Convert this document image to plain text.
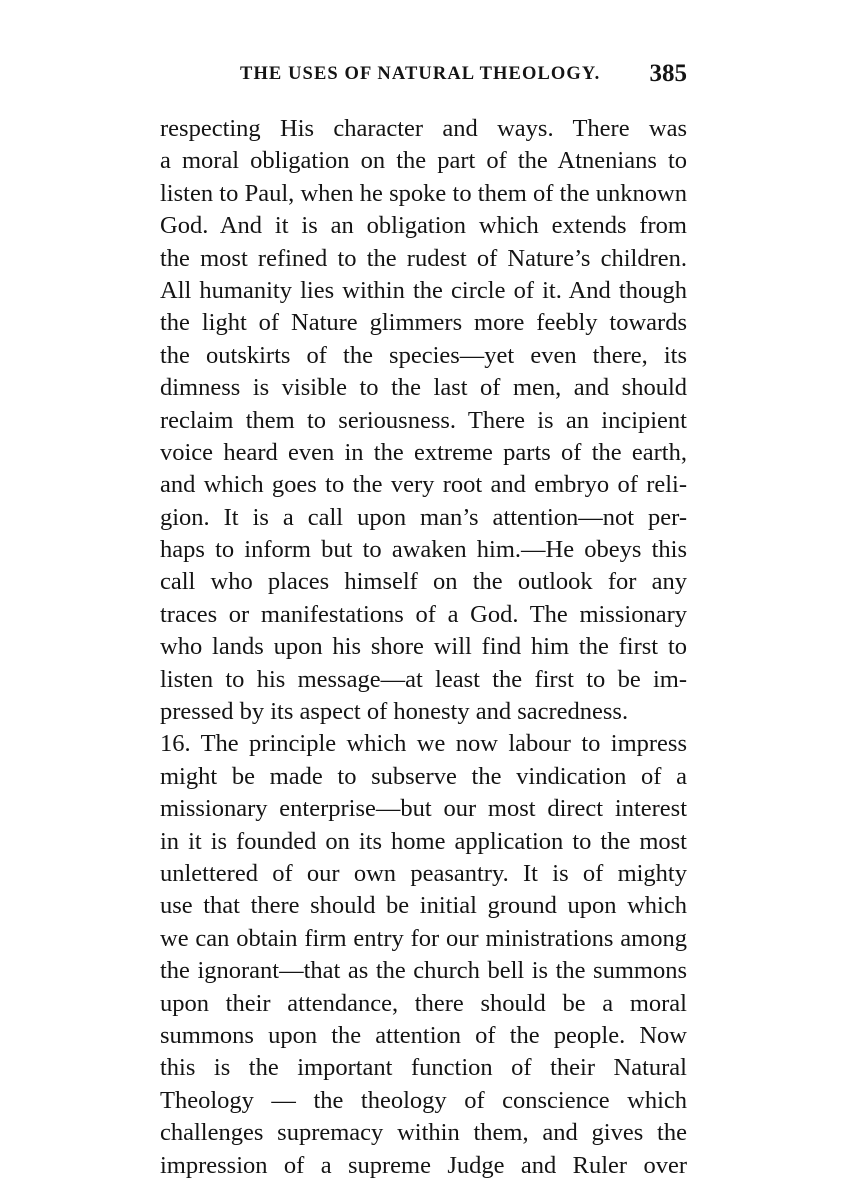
THE USES OF NATURAL THEOLOGY. 385
respecting His character and ways. There was
a moral obligation on the part of the Atnenians to
listen to Paul, when he spoke to them of the unknown
God. And it is an obligation which extends from
the most refined to the rudest of Nature’s children.
All humanity lies within the circle of it. And though
the light of Nature glimmers more feebly towards
the outskirts of the species—yet even there, its
dimness is visible to the last of men, and should
reclaim them to seriousness. There is an incipient
voice heard even in the extreme parts of the earth,
and which goes to the very root and embryo of reli-
gion. It is a call upon man’s attention—not per-
haps to inform but to awaken him.—He obeys this
call who places himself on the outlook for any
traces or manifestations of a God. The missionary
who lands upon his shore will find him the first to
listen to his message—at least the first to be im-
pressed by its aspect of honesty and sacredness.
16. The principle which we now labour to impress
might be made to subserve the vindication of a
missionary enterprise—but our most direct interest
in it is founded on its home application to the most
unlettered of our own peasantry. It is of mighty
use that there should be initial ground upon which
we can obtain firm entry for our ministrations among
the ignorant—that as the church bell is the summons
upon their attendance, there should be a moral
summons upon the attention of the people. Now
this is the important function of their Natural
Theology — the theology of conscience which
challenges supremacy within them, and gives the
impression of a supreme Judge and Ruler over
